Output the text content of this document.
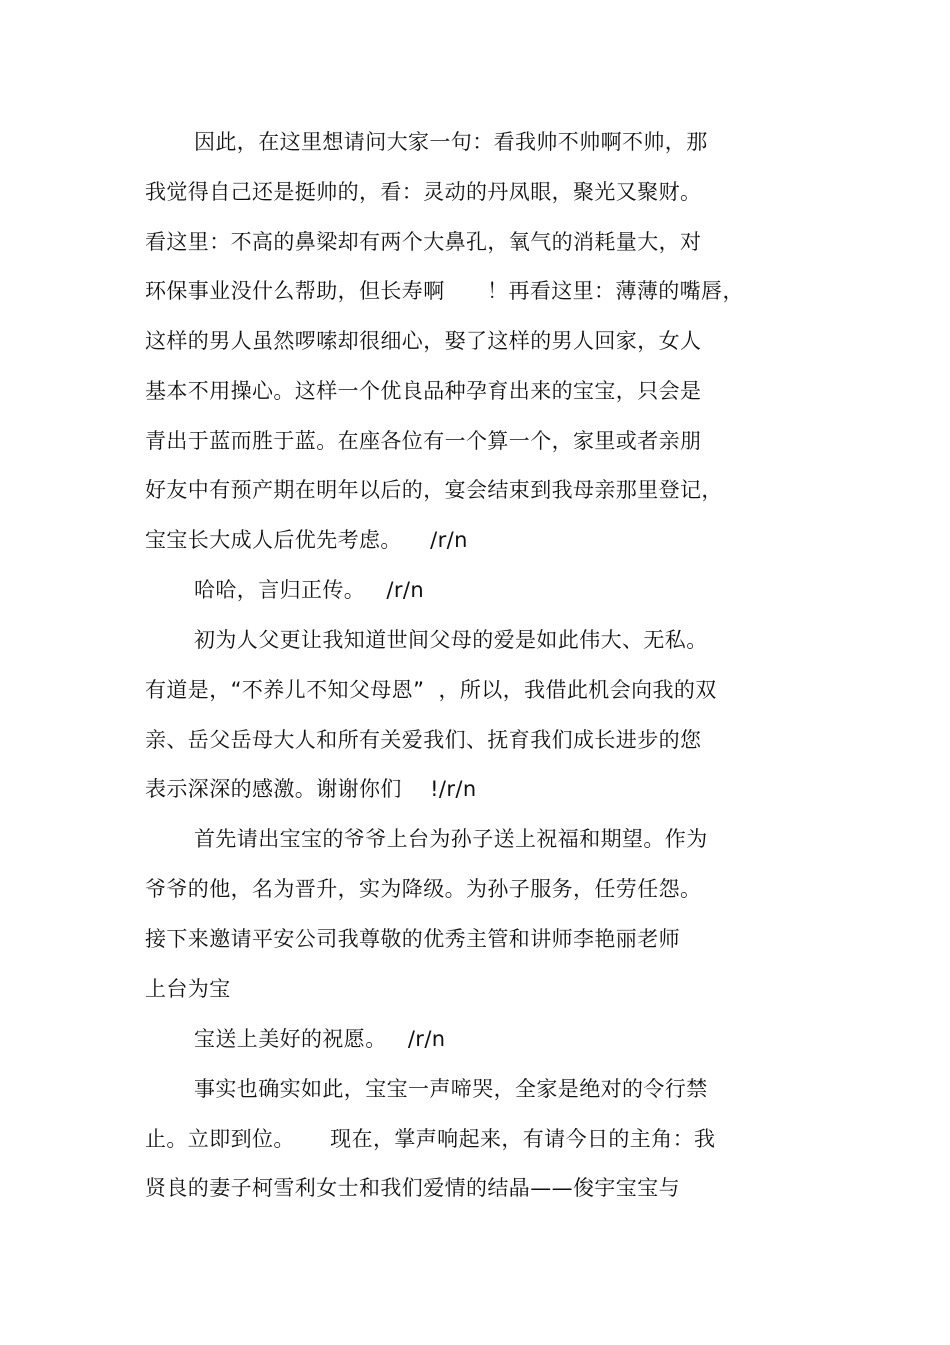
因此，在这里想请问大家一句：看我帅不帅啊不帅，那
我觉得自己还是挺帅的，看：灵动的丹凤眼，聚光又聚财。
看这里：不高的鼻梁却有两个大鼻孔，氧气的消耗量大，对
环保事业没什么帮助，但长寿啊      ！再看这里：薄薄的嘴唇，
这样的男人虽然啰嗦却很细心，娶了这样的男人回家，女人
基本不用操心。这样一个优良品种孕育出来的宝宝，只会是
青出于蓝而胜于蓝。在座各位有一个算一个，家里或者亲朋
好友中有预产期在明年以后的，宴会结束到我母亲那里登记，
宝宝长大成人后优先考虑。    /r/n
哈哈，言归正传。   /r/n
初为人父更让我知道世间父母的爱是如此伟大、无私。
有道是，“不养儿不知父母恩”  ，所以，我借此机会向我的双
亲、岳父岳母大人和所有关爱我们、抚育我们成长进步的您
表示深深的感激。谢谢你们    !/r/n
首先请出宝宝的爷爷上台为孙子送上祝福和期望。作为
爷爷的他，名为晋升，实为降级。为孙子服务，任劳任怨。
接下来邀请平安公司我尊敬的优秀主管和讲师李艳丽老师
上台为宝
宝送上美好的祝愿。   /r/n
事实也确实如此，宝宝一声啼哭，全家是绝对的令行禁
止。立即到位。     现在，掌声响起来，有请今日的主角：我
贤良的妻子柯雪利女士和我们爱情的结晶——俊宇宝宝与
